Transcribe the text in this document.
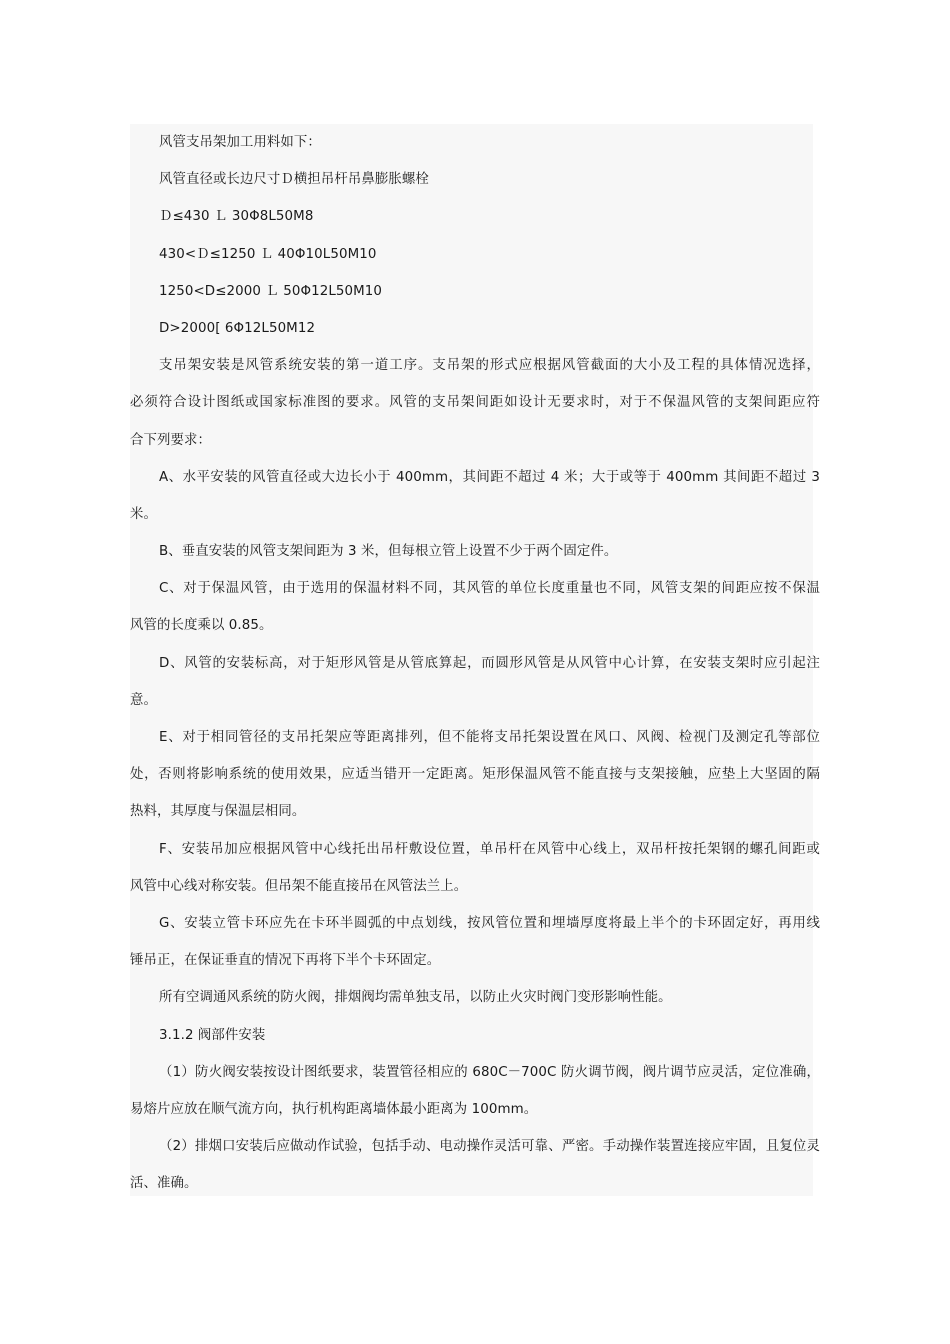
风管支吊架加工用料如下：
风管直径或长边尺寸Ｄ横担吊杆吊鼻膨胀螺栓
Ｄ≤430 Ｌ 30Φ8L50M8
430<Ｄ≤1250 Ｌ 40Φ10L50M10
1250<D≤2000 Ｌ 50Φ12L50M10
D>2000[ 6Φ12L50M12
支吊架安装是风管系统安装的第一道工序。支吊架的形式应根据风管截面的大小及工程的具体情况选择，
必须符合设计图纸或国家标准图的要求。风管的支吊架间距如设计无要求时，对于不保温风管的支架间距应符
合下列要求：
A、水平安装的风管直径或大边长小于 400mm，其间距不超过 4 米；大于或等于 400mm 其间距不超过 3
米。
B、垂直安装的风管支架间距为 3 米，但每根立管上设置不少于两个固定件。
C、对于保温风管，由于选用的保温材料不同，其风管的单位长度重量也不同，风管支架的间距应按不保温
风管的长度乘以 0.85。
D、风管的安装标高，对于矩形风管是从管底算起，而圆形风管是从风管中心计算，在安装支架时应引起注
意。
E、对于相同管径的支吊托架应等距离排列，但不能将支吊托架设置在风口、风阀、检视门及测定孔等部位
处，否则将影响系统的使用效果，应适当错开一定距离。矩形保温风管不能直接与支架接触，应垫上大坚固的隔
热料，其厚度与保温层相同。
F、安装吊加应根据风管中心线托出吊杆敷设位置，单吊杆在风管中心线上，双吊杆按托架钢的螺孔间距或
风管中心线对称安装。但吊架不能直接吊在风管法兰上。
G、安装立管卡环应先在卡环半圆弧的中点划线，按风管位置和埋墙厚度将最上半个的卡环固定好，再用线
锤吊正，在保证垂直的情况下再将下半个卡环固定。
所有空调通风系统的防火阀，排烟阀均需单独支吊，以防止火灾时阀门变形影响性能。
3.1.2 阀部件安装
（1）防火阀安装按设计图纸要求，装置管径相应的 680C－700C 防火调节阀，阀片调节应灵活，定位准确，
易熔片应放在顺气流方向，执行机构距离墙体最小距离为 100mm。
（2）排烟口安装后应做动作试验，包括手动、电动操作灵活可靠、严密。手动操作装置连接应牢固，且复位灵
活、准确。
